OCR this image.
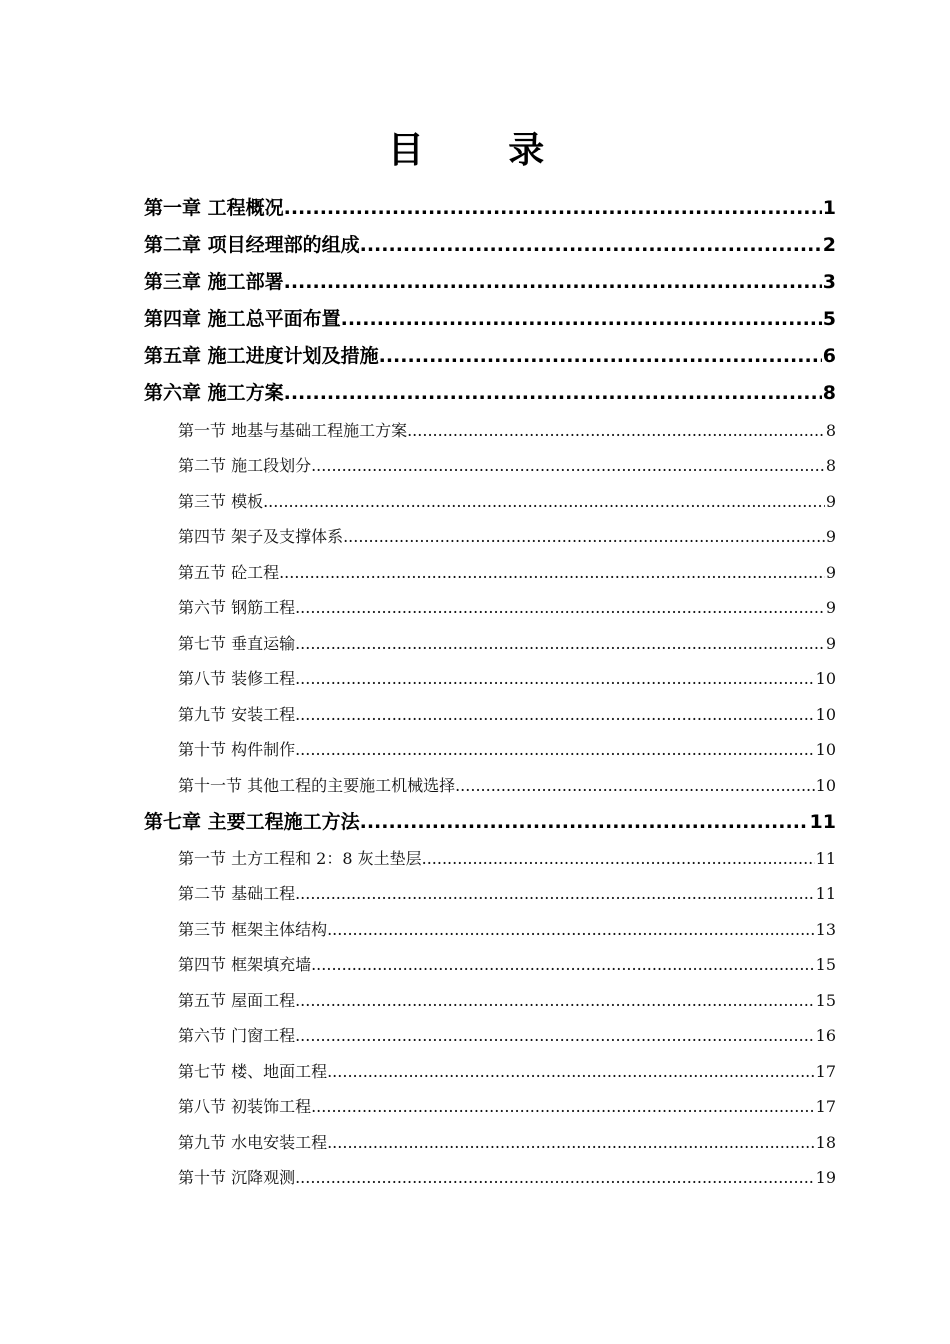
目 录
第一章 工程概况 .....	1
第二章 项目经理部的组成 .....	2
第三章 施工部署 .....	3
第四章 施工总平面布置 .....	5
第五章 施工进度计划及措施 .....	6
第六章 施工方案 .....	8
第一节 地基与基础工程施工方案 .....	8
第二节 施工段划分 .....	8
第三节 模板 .....	9
第四节 架子及支撑体系 .....	9
第五节 砼工程 .....	9
第六节 钢筋工程 .....	9
第七节 垂直运输 .....	9
第八节 装修工程 .....	10
第九节 安装工程 .....	10
第十节 构件制作 .....	10
第十一节 其他工程的主要施工机械选择 .....	10
第七章 主要工程施工方法 .....	11
第一节 土方工程和 2：8 灰土垫层 .....	11
第二节 基础工程 .....	11
第三节 框架主体结构 .....	13
第四节 框架填充墙 .....	15
第五节 屋面工程 .....	15
第六节 门窗工程 .....	16
第七节 楼、地面工程 .....	17
第八节 初装饰工程 .....	17
第九节 水电安装工程 .....	18
第十节 沉降观测 .....	19
